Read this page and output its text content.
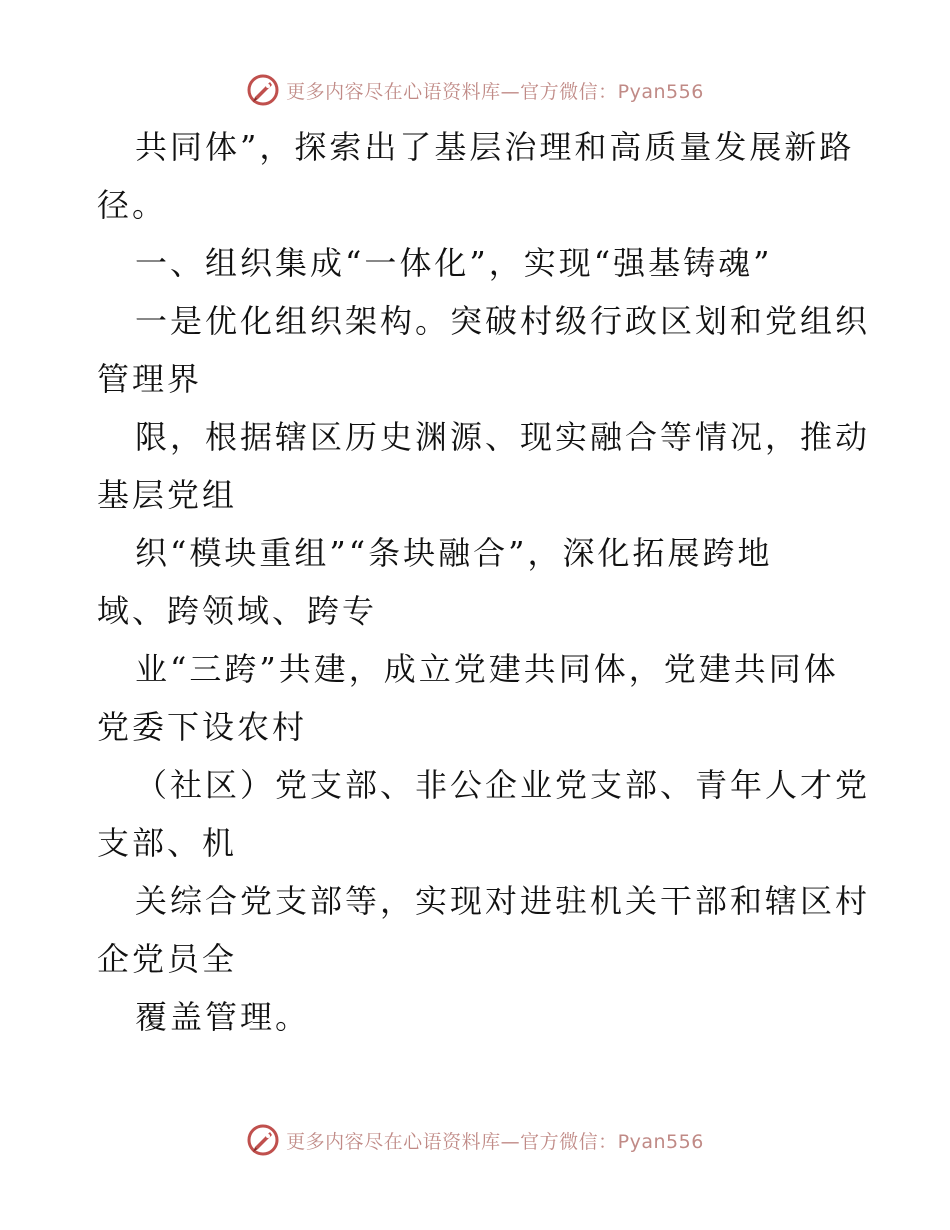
更多内容尽在心语资料库—官方微信：Pyan556
共同体”，探索出了基层治理和高质量发展新路
径。
一、组织集成“一体化”，实现“强基铸魂”
一是优化组织架构。突破村级行政区划和党组织
管理界
限，根据辖区历史渊源、现实融合等情况，推动
基层党组
织“模块重组”“条块融合”，深化拓展跨地
域、跨领域、跨专
业“三跨”共建，成立党建共同体，党建共同体
党委下设农村
（社区）党支部、非公企业党支部、青年人才党
支部、机
关综合党支部等，实现对进驻机关干部和辖区村
企党员全
覆盖管理。
更多内容尽在心语资料库—官方微信：Pyan556
